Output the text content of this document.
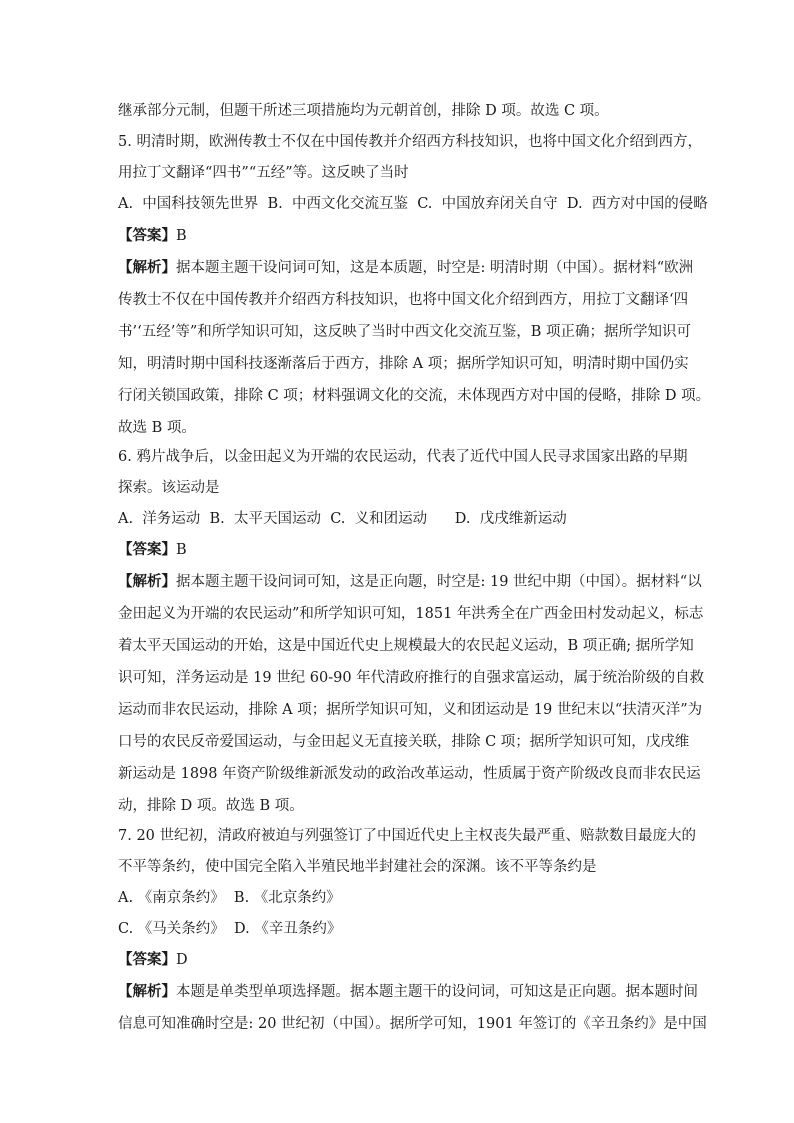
继承部分元制，但题干所述三项措施均为元朝首创，排除 D 项。故选 C 项。
5. 明清时期，欧洲传教士不仅在中国传教并介绍西方科技知识，也将中国文化介绍到西方，
用拉丁文翻译“四书”“五经”等。这反映了当时
A.  中国科技领先世界  B.  中西文化交流互鉴  C.  中国放弃闭关自守  D.  西方对中国的侵略
【答案】B
【解析】据本题主题干设问词可知，这是本质题，时空是: 明清时期（中国）。据材料“欧洲
传教士不仅在中国传教并介绍西方科技知识，也将中国文化介绍到西方，用拉丁文翻译‘四
书’‘五经’等”和所学知识可知，这反映了当时中西文化交流互鉴，B 项正确；据所学知识可
知，明清时期中国科技逐渐落后于西方，排除 A 项；据所学知识可知，明清时期中国仍实
行闭关锁国政策，排除 C 项；材料强调文化的交流，未体现西方对中国的侵略，排除 D 项。
故选 B 项。
6. 鸦片战争后，以金田起义为开端的农民运动，代表了近代中国人民寻求国家出路的早期
探索。该运动是
A.  洋务运动  B.  太平天国运动  C.  义和团运动      D.  戊戌维新运动
【答案】B
【解析】据本题主题干设问词可知，这是正向题，时空是: 19 世纪中期（中国）。据材料“以
金田起义为开端的农民运动”和所学知识可知，1851 年洪秀全在广西金田村发动起义，标志
着太平天国运动的开始，这是中国近代史上规模最大的农民起义运动，B 项正确; 据所学知
识可知，洋务运动是 19 世纪 60-90 年代清政府推行的自强求富运动，属于统治阶级的自救
运动而非农民运动，排除 A 项；据所学知识可知，义和团运动是 19 世纪末以“扶清灭洋”为
口号的农民反帝爱国运动，与金田起义无直接关联，排除 C 项；据所学知识可知，戊戌维
新运动是 1898 年资产阶级维新派发动的政治改革运动，性质属于资产阶级改良而非农民运
动，排除 D 项。故选 B 项。
7. 20 世纪初，清政府被迫与列强签订了中国近代史上主权丧失最严重、赔款数目最庞大的
不平等条约，使中国完全陷入半殖民地半封建社会的深渊。该不平等条约是
A. 《南京条约》  B. 《北京条约》
C. 《马关条约》  D. 《辛丑条约》
【答案】D
【解析】本题是单类型单项选择题。据本题主题干的设问词，可知这是正向题。据本题时间
信息可知准确时空是: 20 世纪初（中国）。据所学可知，1901 年签订的《辛丑条约》是中国
